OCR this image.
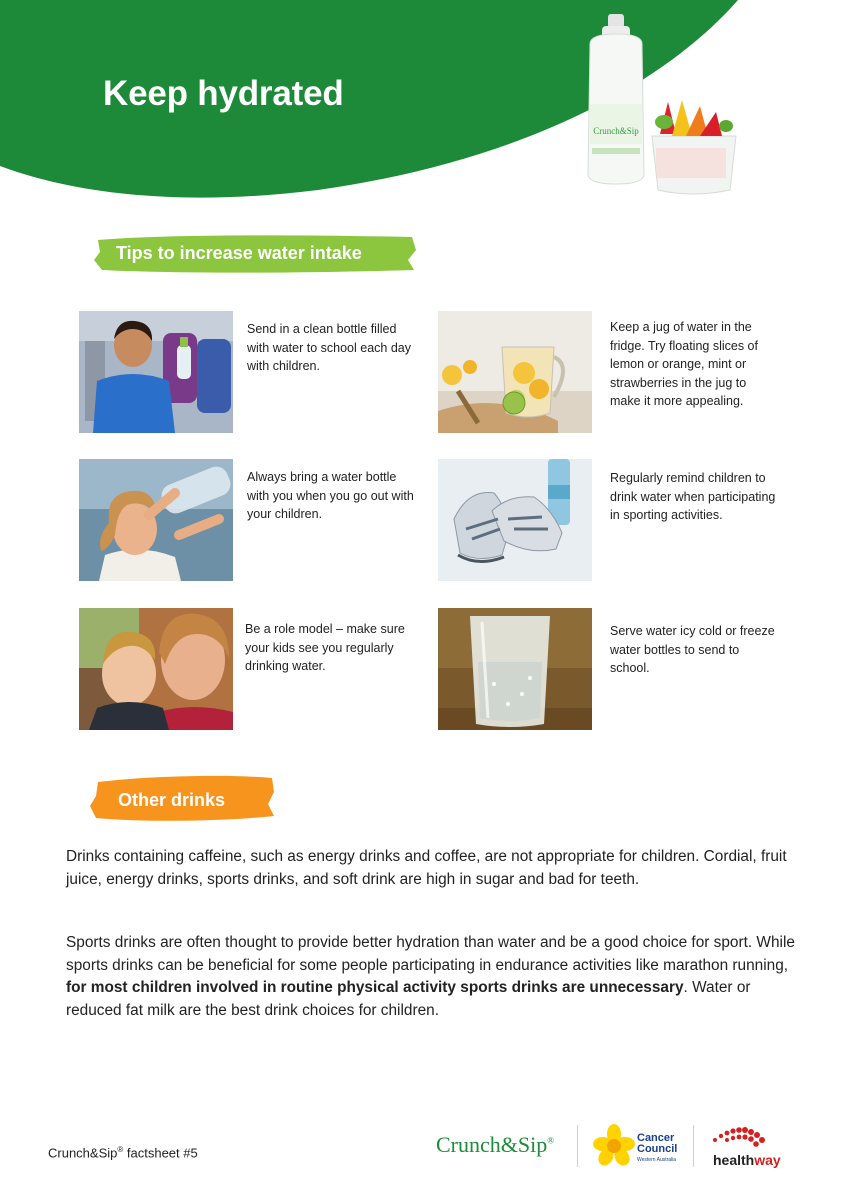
Keep hydrated
Crunch&Sip
Tips to increase water intake

Send in a clean bottle filled with water to school each day with children.

Keep a jug of water in the fridge. Try floating slices of lemon or orange, mint or strawberries in the jug to make it more appealing.

Always bring a water bottle with you when you go out with your children.

Regularly remind children to drink water when participating in sporting activities.

Be a role model – make sure your kids see you regularly drinking water.

Serve water icy cold or freeze water bottles to send to school.

Other drinks

Drinks containing caffeine, such as energy drinks and coffee, are not appropriate for children. Cordial, fruit juice, energy drinks, sports drinks, and soft drink are high in sugar and bad for teeth.

Sports drinks are often thought to provide better hydration than water and be a good choice for sport. While sports drinks can be beneficial for some people participating in endurance activities like marathon running, for most children involved in routine physical activity sports drinks are unnecessary. Water or reduced fat milk are the best drink choices for children.

Crunch&Sip® factsheet #5	Crunch&Sip®	Cancer
Council
Western Australia	healthway
